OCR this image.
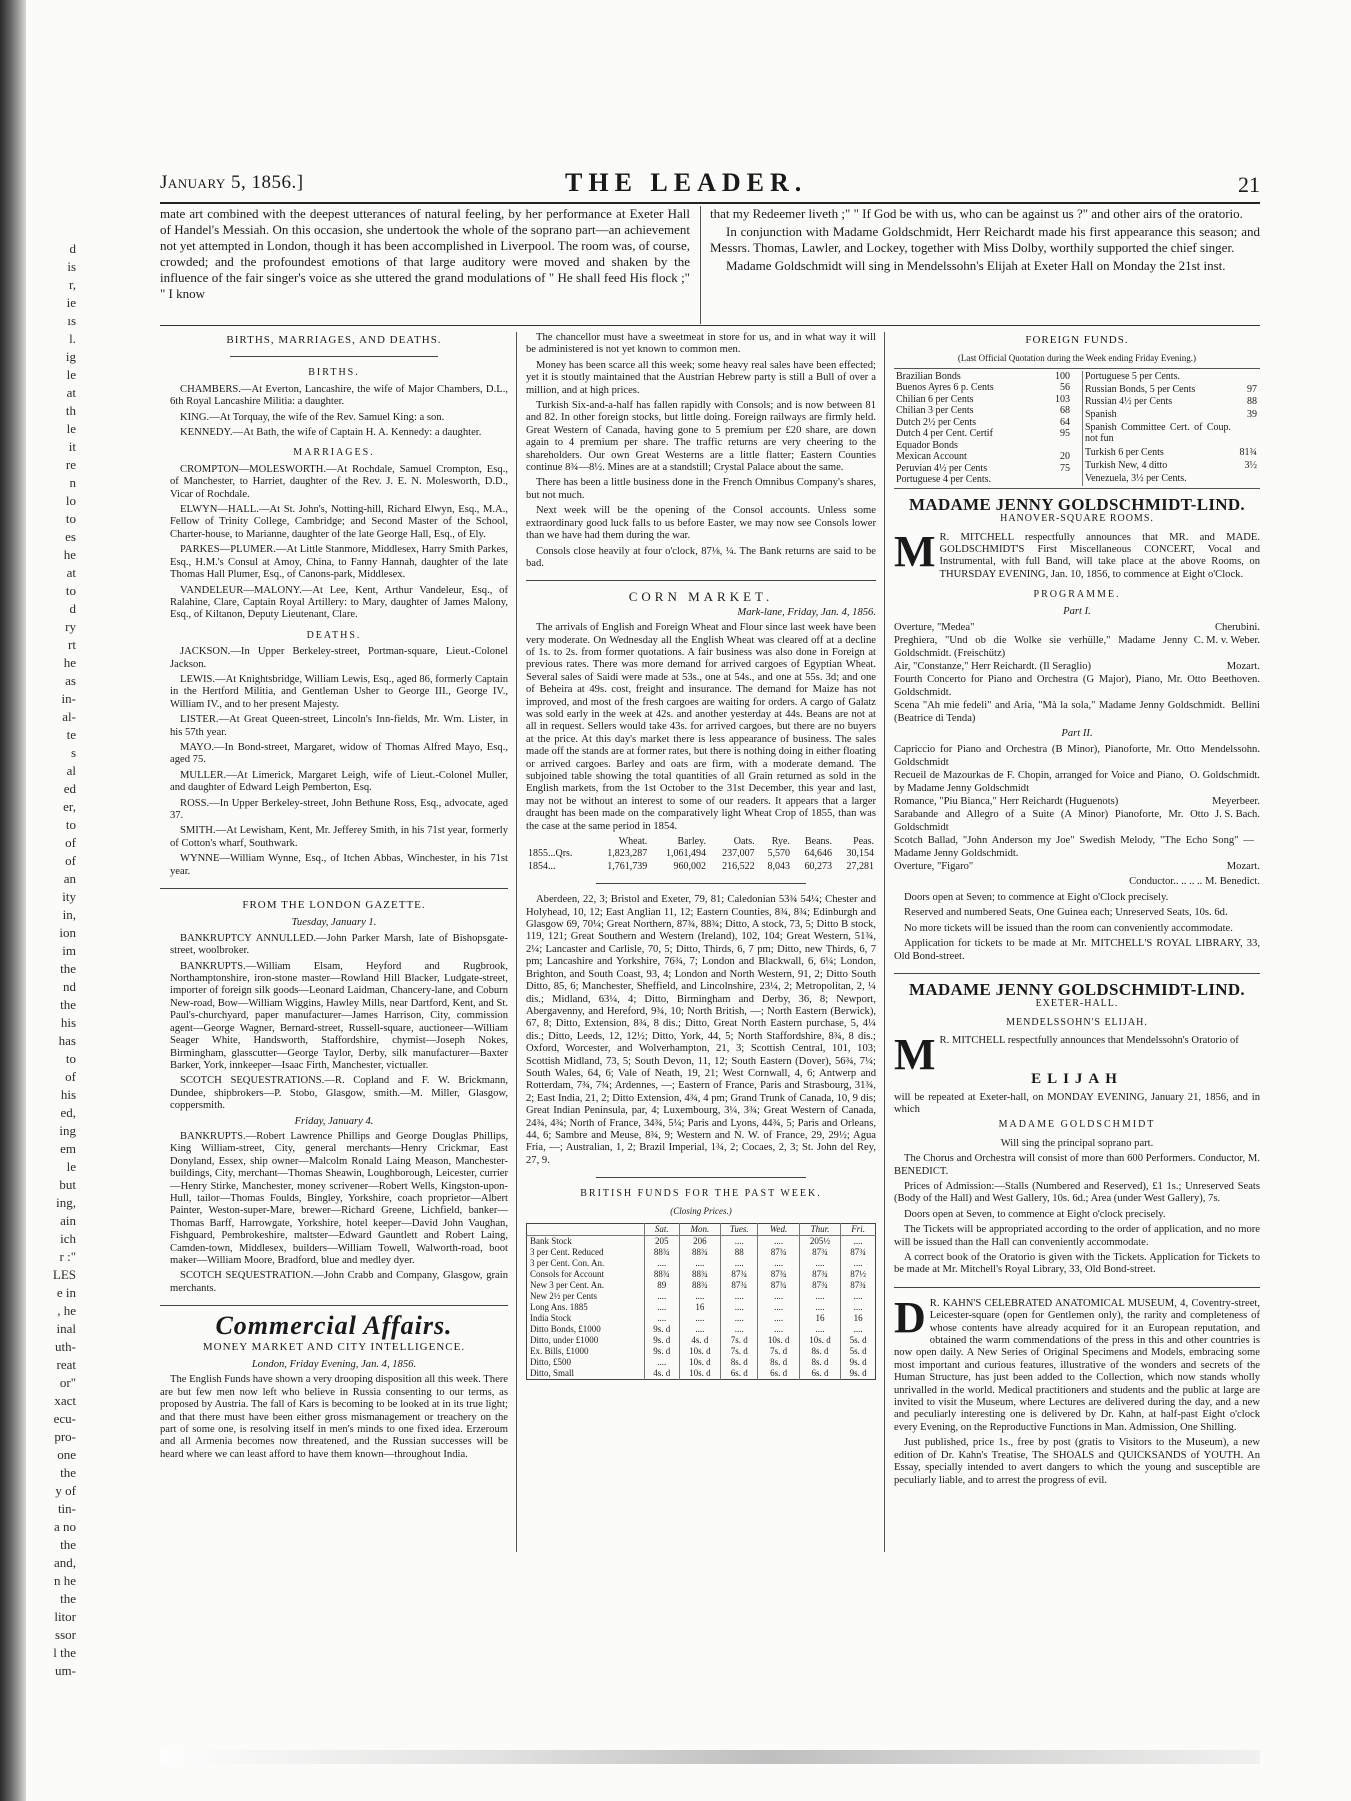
d
is
r,
ie
ıs
l.
ig
le
at
th
le
it
re
n
lo
to
es
he
at
to
d
ry
rt
he
as
in-
al-
te
s
al
ed
er,
to
of
of
an
ity
in,
ion
im
the
nd
the
his
has
to
of
his
ed,
ing
em
le
but
ing,
ain
ich
r :"
LES
e in
, he
inal
uth-
reat
or"
xact
ecu-
pro-
one
the
y of
tin-
a no
the
and,
n he
the
litor
ssor
l the
um-
January 5, 1856.]	THE LEADER.	21

mate art combined with the deepest utterances of natural feeling, by her performance at Exeter Hall of Handel's Messiah. On this occasion, she undertook the whole of the soprano part—an achievement not yet attempted in London, though it has been accomplished in Liverpool. The room was, of course, crowded; and the profoundest emotions of that large auditory were moved and shaken by the influence of the fair singer's voice as she uttered the grand modulations of " He shall feed His flock ;" " I know

that my Redeemer liveth ;" " If God be with us, who can be against us ?" and other airs of the oratorio.

In conjunction with Madame Goldschmidt, Herr Reichardt made his first appearance this season; and Messrs. Thomas, Lawler, and Lockey, together with Miss Dolby, worthily supported the chief singer.

Madame Goldschmidt will sing in Mendelssohn's Elijah at Exeter Hall on Monday the 21st inst.

BIRTHS, MARRIAGES, AND DEATHS.
BIRTHS.

CHAMBERS.—At Everton, Lancashire, the wife of Major Chambers, D.L., 6th Royal Lancashire Militia: a daughter.

KING.—At Torquay, the wife of the Rev. Samuel King: a son.

KENNEDY.—At Bath, the wife of Captain H. A. Kennedy: a daughter.

MARRIAGES.

CROMPTON—MOLESWORTH.—At Rochdale, Samuel Crompton, Esq., of Manchester, to Harriet, daughter of the Rev. J. E. N. Molesworth, D.D., Vicar of Rochdale.

ELWYN—HALL.—At St. John's, Notting-hill, Richard Elwyn, Esq., M.A., Fellow of Trinity College, Cambridge; and Second Master of the School, Charter-house, to Marianne, daughter of the late George Hall, Esq., of Ely.

PARKES—PLUMER.—At Little Stanmore, Middlesex, Harry Smith Parkes, Esq., H.M.'s Consul at Amoy, China, to Fanny Hannah, daughter of the late Thomas Hall Plumer, Esq., of Canons-park, Middlesex.

VANDELEUR—MALONY.—At Lee, Kent, Arthur Vandeleur, Esq., of Ralahine, Clare, Captain Royal Artillery: to Mary, daughter of James Malony, Esq., of Kiltanon, Deputy Lieutenant, Clare.

DEATHS.

JACKSON.—In Upper Berkeley-street, Portman-square, Lieut.-Colonel Jackson.

LEWIS.—At Knightsbridge, William Lewis, Esq., aged 86, formerly Captain in the Hertford Militia, and Gentleman Usher to George III., George IV., William IV., and to her present Majesty.

LISTER.—At Great Queen-street, Lincoln's Inn-fields, Mr. Wm. Lister, in his 57th year.

MAYO.—In Bond-street, Margaret, widow of Thomas Alfred Mayo, Esq., aged 75.

MULLER.—At Limerick, Margaret Leigh, wife of Lieut.-Colonel Muller, and daughter of Edward Leigh Pemberton, Esq.

ROSS.—In Upper Berkeley-street, John Bethune Ross, Esq., advocate, aged 37.

SMITH.—At Lewisham, Kent, Mr. Jefferey Smith, in his 71st year, formerly of Cotton's wharf, Southwark.

WYNNE—William Wynne, Esq., of Itchen Abbas, Winchester, in his 71st year.

FROM THE LONDON GAZETTE.
Tuesday, January 1.

BANKRUPTCY ANNULLED.—John Parker Marsh, late of Bishopsgate-street, woolbroker.

BANKRUPTS.—William Elsam, Heyford and Rugbrook, Northamptonshire, iron-stone master—Rowland Hill Blacker, Ludgate-street, importer of foreign silk goods—Leonard Laidman, Chancery-lane, and Coburn New-road, Bow—William Wiggins, Hawley Mills, near Dartford, Kent, and St. Paul's-churchyard, paper manufacturer—James Harrison, City, commission agent—George Wagner, Bernard-street, Russell-square, auctioneer—William Seager White, Handsworth, Staffordshire, chymist—Joseph Nokes, Birmingham, glasscutter—George Taylor, Derby, silk manufacturer—Baxter Barker, York, innkeeper—Isaac Firth, Manchester, victualler.

SCOTCH SEQUESTRATIONS.—R. Copland and F. W. Brickmann, Dundee, shipbrokers—P. Stobo, Glasgow, smith.—M. Miller, Glasgow, coppersmith.

Friday, January 4.

BANKRUPTS.—Robert Lawrence Phillips and George Douglas Phillips, King William-street, City, general merchants—Henry Crickmar, East Donyland, Essex, ship owner—Malcolm Ronald Laing Meason, Manchester-buildings, City, merchant—Thomas Sheawin, Loughborough, Leicester, currier—Henry Stirke, Manchester, money scrivener—Robert Wells, Kingston-upon-Hull, tailor—Thomas Foulds, Bingley, Yorkshire, coach proprietor—Albert Painter, Weston-super-Mare, brewer—Richard Greene, Lichfield, banker—Thomas Barff, Harrowgate, Yorkshire, hotel keeper—David John Vaughan, Fishguard, Pembrokeshire, maltster—Edward Gauntlett and Robert Laing, Camden-town, Middlesex, builders—William Towell, Walworth-road, boot maker—William Moore, Bradford, blue and medley dyer.

SCOTCH SEQUESTRATION.—John Crabb and Company, Glasgow, grain merchants.

Commercial Affairs.
MONEY MARKET AND CITY INTELLIGENCE.
London, Friday Evening, Jan. 4, 1856.

The English Funds have shown a very drooping disposition all this week. There are but few men now left who believe in Russia consenting to our terms, as proposed by Austria. The fall of Kars is becoming to be looked at in its true light; and that there must have been either gross mismanagement or treachery on the part of some one, is resolving itself in men's minds to one fixed idea. Erzeroum and all Armenia becomes now threatened, and the Russian successes will be heard where we can least afford to have them known—throughout India.

The chancellor must have a sweetmeat in store for us, and in what way it will be administered is not yet known to common men.

Money has been scarce all this week; some heavy real sales have been effected; yet it is stoutly maintained that the Austrian Hebrew party is still a Bull of over a million, and at high prices.

Turkish Six-and-a-half has fallen rapidly with Consols; and is now between 81 and 82. In other foreign stocks, but little doing. Foreign railways are firmly held. Great Western of Canada, having gone to 5 premium per £20 share, are down again to 4 premium per share. The traffic returns are very cheering to the shareholders. Our own Great Westerns are a little flatter; Eastern Counties continue 8¾—8½. Mines are at a standstill; Crystal Palace about the same.

There has been a little business done in the French Omnibus Company's shares, but not much.

Next week will be the opening of the Consol accounts. Unless some extraordinary good luck falls to us before Easter, we may now see Consols lower than we have had them during the war.

Consols close heavily at four o'clock, 87⅛, ¼. The Bank returns are said to be bad.

CORN MARKET.
Mark-lane, Friday, Jan. 4, 1856.

The arrivals of English and Foreign Wheat and Flour since last week have been very moderate. On Wednesday all the English Wheat was cleared off at a decline of 1s. to 2s. from former quotations. A fair business was also done in Foreign at previous rates. There was more demand for arrived cargoes of Egyptian Wheat. Several sales of Saidi were made at 53s., one at 54s., and one at 55s. 3d; and one of Beheira at 49s. cost, freight and insurance. The demand for Maize has not improved, and most of the fresh cargoes are waiting for orders. A cargo of Galatz was sold early in the week at 42s. and another yesterday at 44s. Beans are not at all in request. Sellers would take 43s. for arrived cargoes, but there are no buyers at the price. At this day's market there is less appearance of business. The sales made off the stands are at former rates, but there is nothing doing in either floating or arrived cargoes. Barley and oats are firm, with a moderate demand. The subjoined table showing the total quantities of all Grain returned as sold in the English markets, from the 1st October to the 31st December, this year and last, may not be without an interest to some of our readers. It appears that a larger draught has been made on the comparatively light Wheat Crop of 1855, than was the case at the same period in 1854.

	Wheat.	Barley.	Oats.	Rye.	Beans.	Peas.
1855...Qrs.	1,823,287	1,061,494	237,007	5,570	64,646	30,154
1854...	1,761,739	960,002	216,522	8,043	60,273	27,281

Aberdeen, 22, 3; Bristol and Exeter, 79, 81; Caledonian 53¾ 54¼; Chester and Holyhead, 10, 12; East Anglian 11, 12; Eastern Counties, 8¾, 8¾; Edinburgh and Glasgow 69, 70¼; Great Northern, 87¾, 88¾; Ditto, A stock, 73, 5; Ditto B stock, 119, 121; Great Southern and Western (Ireland), 102, 104; Great Western, 51¾, 2¼; Lancaster and Carlisle, 70, 5; Ditto, Thirds, 6, 7 pm; Ditto, new Thirds, 6, 7 pm; Lancashire and Yorkshire, 76¾, 7; London and Blackwall, 6, 6¼; London, Brighton, and South Coast, 93, 4; London and North Western, 91, 2; Ditto South Ditto, 85, 6; Manchester, Sheffield, and Lincolnshire, 23¼, 2; Metropolitan, 2, ¼ dis.; Midland, 63¼, 4; Ditto, Birmingham and Derby, 36, 8; Newport, Abergavenny, and Hereford, 9¾, 10; North British, —; North Eastern (Berwick), 67, 8; Ditto, Extension, 8¾, 8 dis.; Ditto, Great North Eastern purchase, 5, 4¼ dis.; Ditto, Leeds, 12, 12½; Ditto, York, 44, 5; North Staffordshire, 8¾, 8 dis.; Oxford, Worcester, and Wolverhampton, 21, 3; Scottish Central, 101, 103; Scottish Midland, 73, 5; South Devon, 11, 12; South Eastern (Dover), 56¾, 7¼; South Wales, 64, 6; Vale of Neath, 19, 21; West Cornwall, 4, 6; Antwerp and Rotterdam, 7¾, 7¾; Ardennes, —; Eastern of France, Paris and Strasbourg, 31¾, 2; East India, 21, 2; Ditto Extension, 4¾, 4 pm; Grand Trunk of Canada, 10, 9 dis; Great Indian Peninsula, par, 4; Luxembourg, 3¼, 3¾; Great Western of Canada, 24¾, 4¾; North of France, 34¾, 5¼; Paris and Lyons, 44¾, 5; Paris and Orleans, 44, 6; Sambre and Meuse, 8¾, 9; Western and N. W. of France, 29, 29½; Agua Fria, —; Australian, 1, 2; Brazil Imperial, 1¾, 2; Cocaes, 2, 3; St. John del Rey, 27, 9.

BRITISH FUNDS FOR THE PAST WEEK.
(Closing Prices.)
	Sat.	Mon.	Tues.	Wed.	Thur.	Fri.
Bank Stock	205	206	....	....	205½	....
3 per Cent. Reduced	88¾	88¾	88	87¾	87¾	87¾
3 per Cent. Con. An.	....	....	....	....	....	....
Consols for Account	88¾	88¾	87¾	87¾	87¾	87½
New 3 per Cent. An.	89	88¾	87¾	87¾	87¾	87¾
New 2½ per Cents	....	....	....	....	....	....
Long Ans. 1885	....	16	....	....	....	....
India Stock	....	....	....	....	16	16
Ditto Bonds, £1000	9s. d	....	....	....	....	....
Ditto, under £1000	9s. d	4s. d	7s. d	10s. d	10s. d	5s. d
Ex. Bills, £1000	9s. d	10s. d	7s. d	7s. d	8s. d	5s. d
Ditto, £500	....	10s. d	8s. d	8s. d	8s. d	9s. d
Ditto, Small	4s. d	10s. d	6s. d	6s. d	6s. d	9s. d
FOREIGN FUNDS.
(Last Official Quotation during the Week ending Friday Evening.)
Brazilian Bonds	100
Buenos Ayres 6 p. Cents	56
Chilian 6 per Cents	103
Chilian 3 per Cents	68
Dutch 2½ per Cents	64
Dutch 4 per Cent. Certif	95
Equador Bonds	
Mexican Account	20
Peruvian 4½ per Cents	75
Portuguese 4 per Cents.	
Portuguese 5 per Cents.	
Russian Bonds, 5 per Cents	97
Russian 4½ per Cents	88
Spanish	39
Spanish Committee Cert. of Coup. not fun	
Turkish 6 per Cents	81¾
Turkish New, 4 ditto	3½
Venezuela, 3½ per Cents.	
MADAME JENNY GOLDSCHMIDT-LIND.
HANOVER-SQUARE ROOMS.

M R. MITCHELL respectfully announces that MR. and MADE. GOLDSCHMIDT'S First Miscellaneous CONCERT, Vocal and Instrumental, with full Band, will take place at the above Rooms, on THURSDAY EVENING, Jan. 10, 1856, to commence at Eight o'Clock.

PROGRAMME.
Part I.
Overture, "Medea"	Cherubini.
Preghiera, "Und ob die Wolke sie verhülle," Madame Jenny Goldschmidt. (Freischütz)
C. M. v. Weber.
Air, "Constanze," Herr Reichardt. (Il Seraglio)	Mozart.
Fourth Concerto for Piano and Orchestra (G Major), Piano, Mr. Otto Goldschmidt.
Beethoven.
Scena "Ah mie fedeli" and Aria, "Mà la sola," Madame Jenny Goldschmidt. (Beatrice di Tenda)
Bellini
Part II.
Capriccio for Piano and Orchestra (B Minor), Pianoforte, Mr. Otto Goldschmidt
Mendelssohn.
Recueil de Mazourkas de F. Chopin, arranged for Voice and Piano, by Madame Jenny Goldschmidt
O. Goldschmidt.
Romance, "Piu Bianca," Herr Reichardt (Huguenots)	Meyerbeer.
Sarabande and Allegro of a Suite (A Minor) Pianoforte, Mr. Otto Goldschmidt
J. S. Bach.
Scotch Ballad, "John Anderson my Joe" Swedish Melody, "The Echo Song" — Madame Jenny Goldschmidt.
Overture, "Figaro"	Mozart.
Conductor.. .. .. .. M. Benedict.

Doors open at Seven; to commence at Eight o'Clock precisely.

Reserved and numbered Seats, One Guinea each; Unreserved Seats, 10s. 6d.

No more tickets will be issued than the room can conveniently accommodate.

Application for tickets to be made at Mr. MITCHELL'S ROYAL LIBRARY, 33, Old Bond-street.

MADAME JENNY GOLDSCHMIDT-LIND.
EXETER-HALL.
MENDELSSOHN'S ELIJAH.

M R. MITCHELL respectfully announces that Mendelssohn's Oratorio of

ELIJAH

will be repeated at Exeter-hall, on MONDAY EVENING, January 21, 1856, and in which

MADAME GOLDSCHMIDT
Will sing the principal soprano part.

The Chorus and Orchestra will consist of more than 600 Performers. Conductor, M. BENEDICT.

Prices of Admission:—Stalls (Numbered and Reserved), £1 1s.; Unreserved Seats (Body of the Hall) and West Gallery, 10s. 6d.; Area (under West Gallery), 7s.

Doors open at Seven, to commence at Eight o'clock precisely.

The Tickets will be appropriated according to the order of application, and no more will be issued than the Hall can conveniently accommodate.

A correct book of the Oratorio is given with the Tickets. Application for Tickets to be made at Mr. Mitchell's Royal Library, 33, Old Bond-street.

D R. KAHN'S CELEBRATED ANATOMICAL MUSEUM, 4, Coventry-street, Leicester-square (open for Gentlemen only), the rarity and completeness of whose contents have already acquired for it an European reputation, and obtained the warm commendations of the press in this and other countries is now open daily. A New Series of Original Specimens and Models, embracing some most important and curious features, illustrative of the wonders and secrets of the Human Structure, has just been added to the Collection, which now stands wholly unrivalled in the world. Medical practitioners and students and the public at large are invited to visit the Museum, where Lectures are delivered during the day, and a new and peculiarly interesting one is delivered by Dr. Kahn, at half-past Eight o'clock every Evening, on the Reproductive Functions in Man. Admission, One Shilling.

Just published, price 1s., free by post (gratis to Visitors to the Museum), a new edition of Dr. Kahn's Treatise, The SHOALS and QUICKSANDS of YOUTH. An Essay, specially intended to avert dangers to which the young and susceptible are peculiarly liable, and to arrest the progress of evil.
